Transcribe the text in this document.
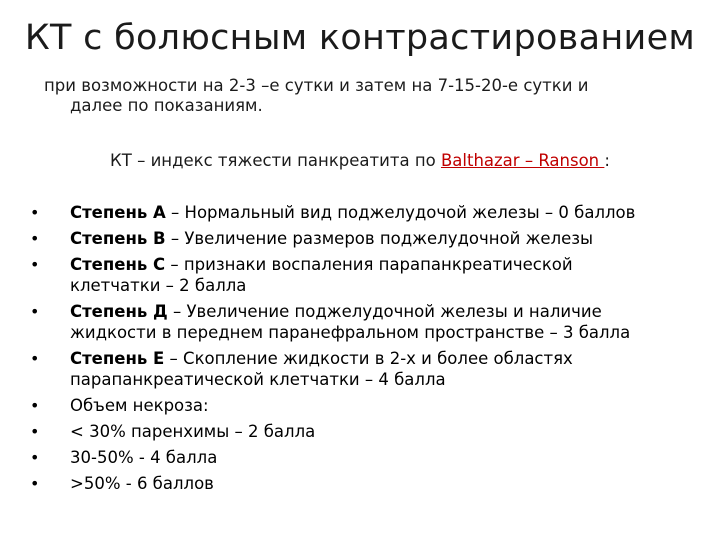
КТ с болюсным контрастированием
при возможности на 2-3 –е сутки и затем на 7-15-20-е сутки и
далее по показаниям.
КТ – индекс тяжести панкреатита по Balthazar – Ranson :
• Степень А – Нормальный вид поджелудочой железы – 0 баллов
• Степень В – Увеличение размеров поджелудочной железы
• Степень С – признаки воспаления парапанкреатической
клетчатки – 2 балла
• Степень Д – Увеличение поджелудочной железы и наличие
жидкости в переднем паранефральном пространстве – 3 балла
• Степень Е – Скопление жидкости в 2-х и более областях
парапанкреатической клетчатки – 4 балла
• Объем некроза:
• < 30% паренхимы – 2 балла
• 30-50% - 4 балла
• >50% - 6 баллов
